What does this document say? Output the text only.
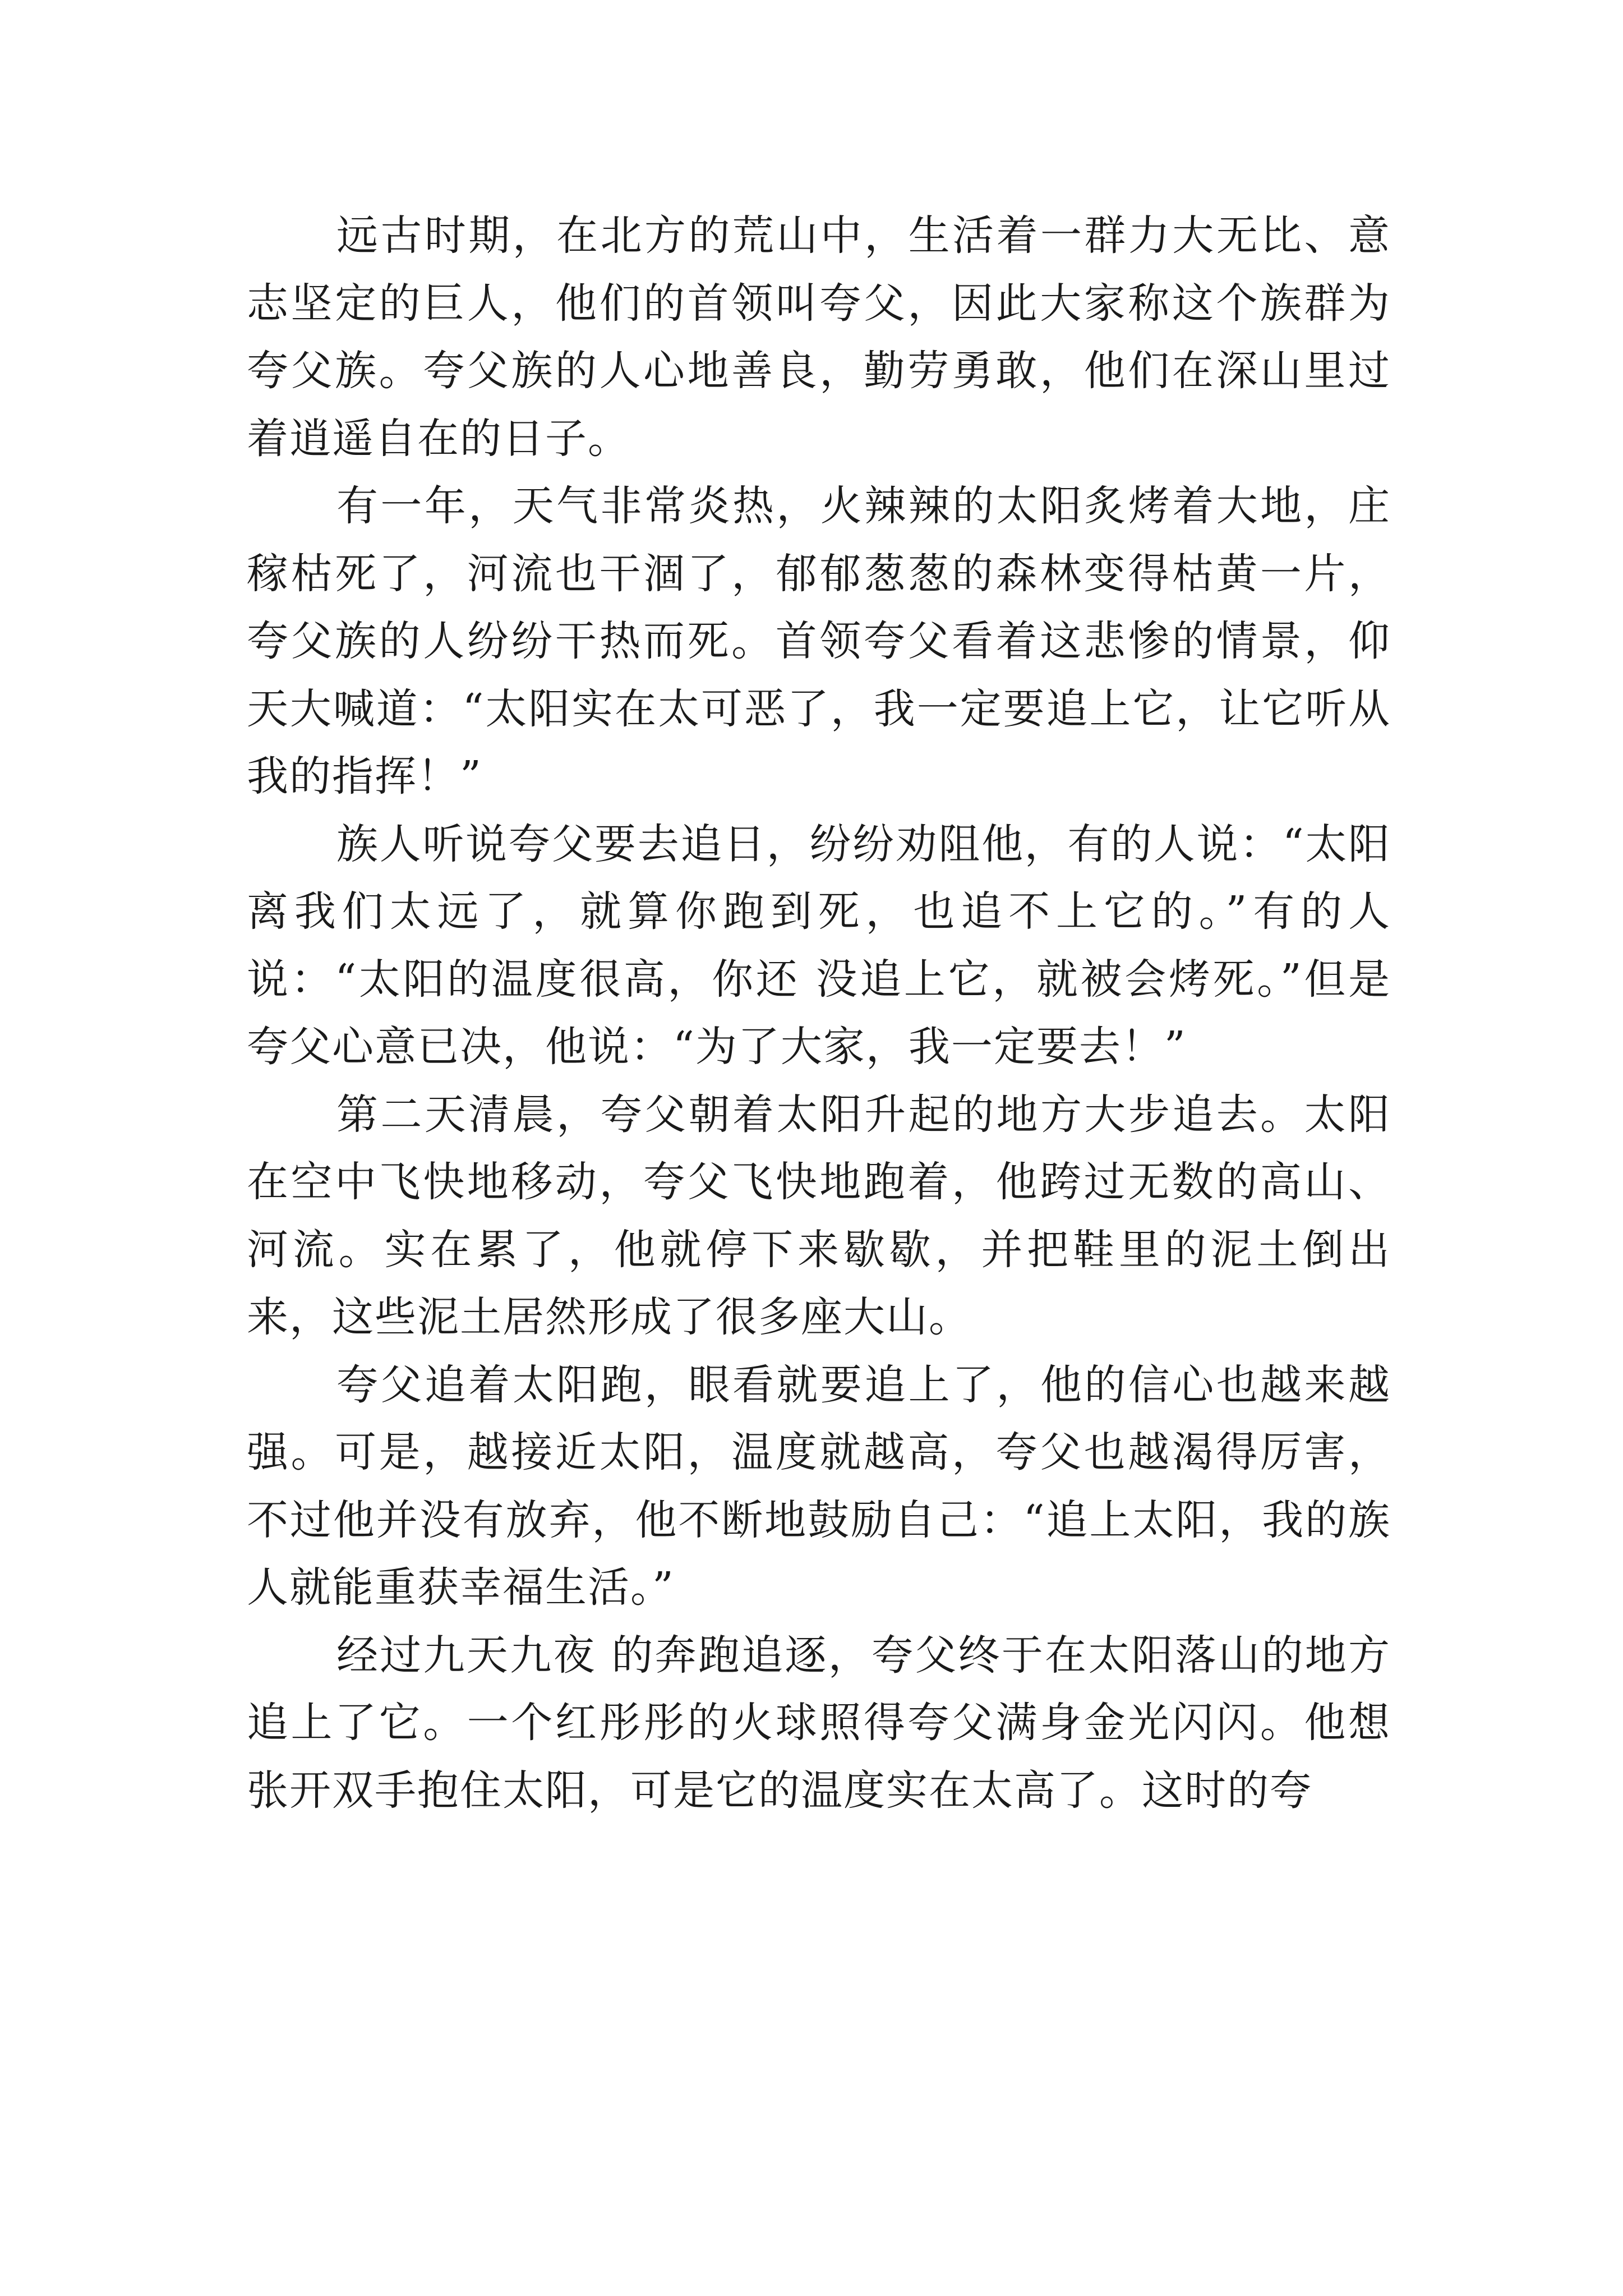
远古时期，在北方的荒山中，生活着一群力大无比、意志坚定的巨人，他们的首领叫夸父，因此大家称这个族群为夸父族。夸父族的人心地善良，勤劳勇敢，他们在深山里过着逍遥自在的日子。

有一年，天气非常炎热，火辣辣的太阳炙烤着大地，庄稼枯死了，河流也干涸了，郁郁葱葱的森林变得枯黄一片，夸父族的人纷纷干热而死。首领夸父看着这悲惨的情景，仰天大喊道：“太阳实在太可恶了，我一定要追上它，让它听从我的指挥！”

族人听说夸父要去追日，纷纷劝阻他，有的人说：“太阳离我们太远了，就算你跑到死，也追不上它的。”有的人说：“太阳的温度很高，你还 没追上它，就被会烤死。”但是夸父心意已决，他说：“为了大家，我一定要去！”

第二天清晨，夸父朝着太阳升起的地方大步追去。太阳在空中飞快地移动，夸父飞快地跑着，他跨过无数的高山、河流。实在累了，他就停下来歇歇，并把鞋里的泥土倒出来，这些泥土居然形成了很多座大山。

夸父追着太阳跑，眼看就要追上了，他的信心也越来越强。可是，越接近太阳，温度就越高，夸父也越渴得厉害，不过他并没有放弃，他不断地鼓励自己：“追上太阳，我的族人就能重获幸福生活。”

经过九天九夜 的奔跑追逐，夸父终于在太阳落山的地方追上了它。一个红彤彤的火球照得夸父满身金光闪闪。他想张开双手抱住太阳，可是它的温度实在太高了。这时的夸
